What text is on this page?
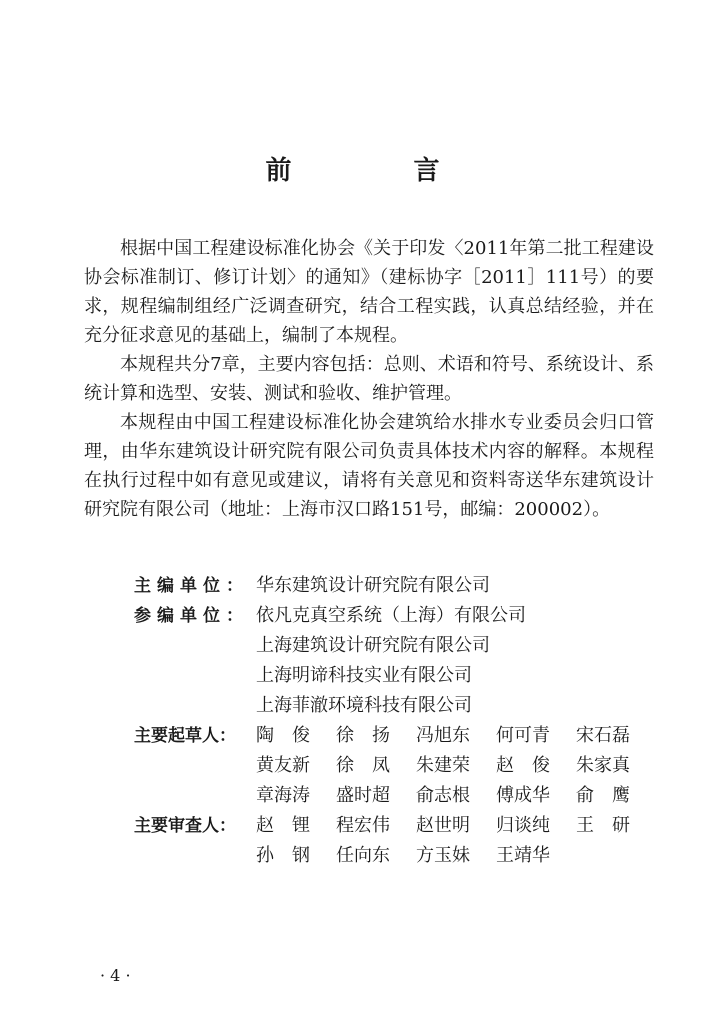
前　言

根据中国工程建设标准化协会《关于印发〈2011年第二批工程建设协会标准制订、修订计划〉的通知》（建标协字［2011］111号）的要求，规程编制组经广泛调查研究，结合工程实践，认真总结经验，并在充分征求意见的基础上，编制了本规程。

本规程共分7章，主要内容包括：总则、术语和符号、系统设计、系统计算和选型、安装、测试和验收、维护管理。

本规程由中国工程建设标准化协会建筑给水排水专业委员会归口管理，由华东建筑设计研究院有限公司负责具体技术内容的解释。本规程在执行过程中如有意见或建议，请将有关意见和资料寄送华东建筑设计研究院有限公司（地址：上海市汉口路151号，邮编：200002）。

主编单位： 华东建筑设计研究院有限公司
参编单位： 依凡克真空系统（上海）有限公司
上海建筑设计研究院有限公司
上海明谛科技实业有限公司
上海菲澈环境科技有限公司
主要起草人：	陶　俊	徐　扬	冯旭东	何可青	宋石磊
黄友新	徐　凤	朱建荣	赵　俊	朱家真
章海涛	盛时超	俞志根	傅成华	俞　鹰
主要审查人：	赵　锂	程宏伟	赵世明	归谈纯	王　研
孙　钢	任向东	方玉妹	王靖华
· 4 ·
